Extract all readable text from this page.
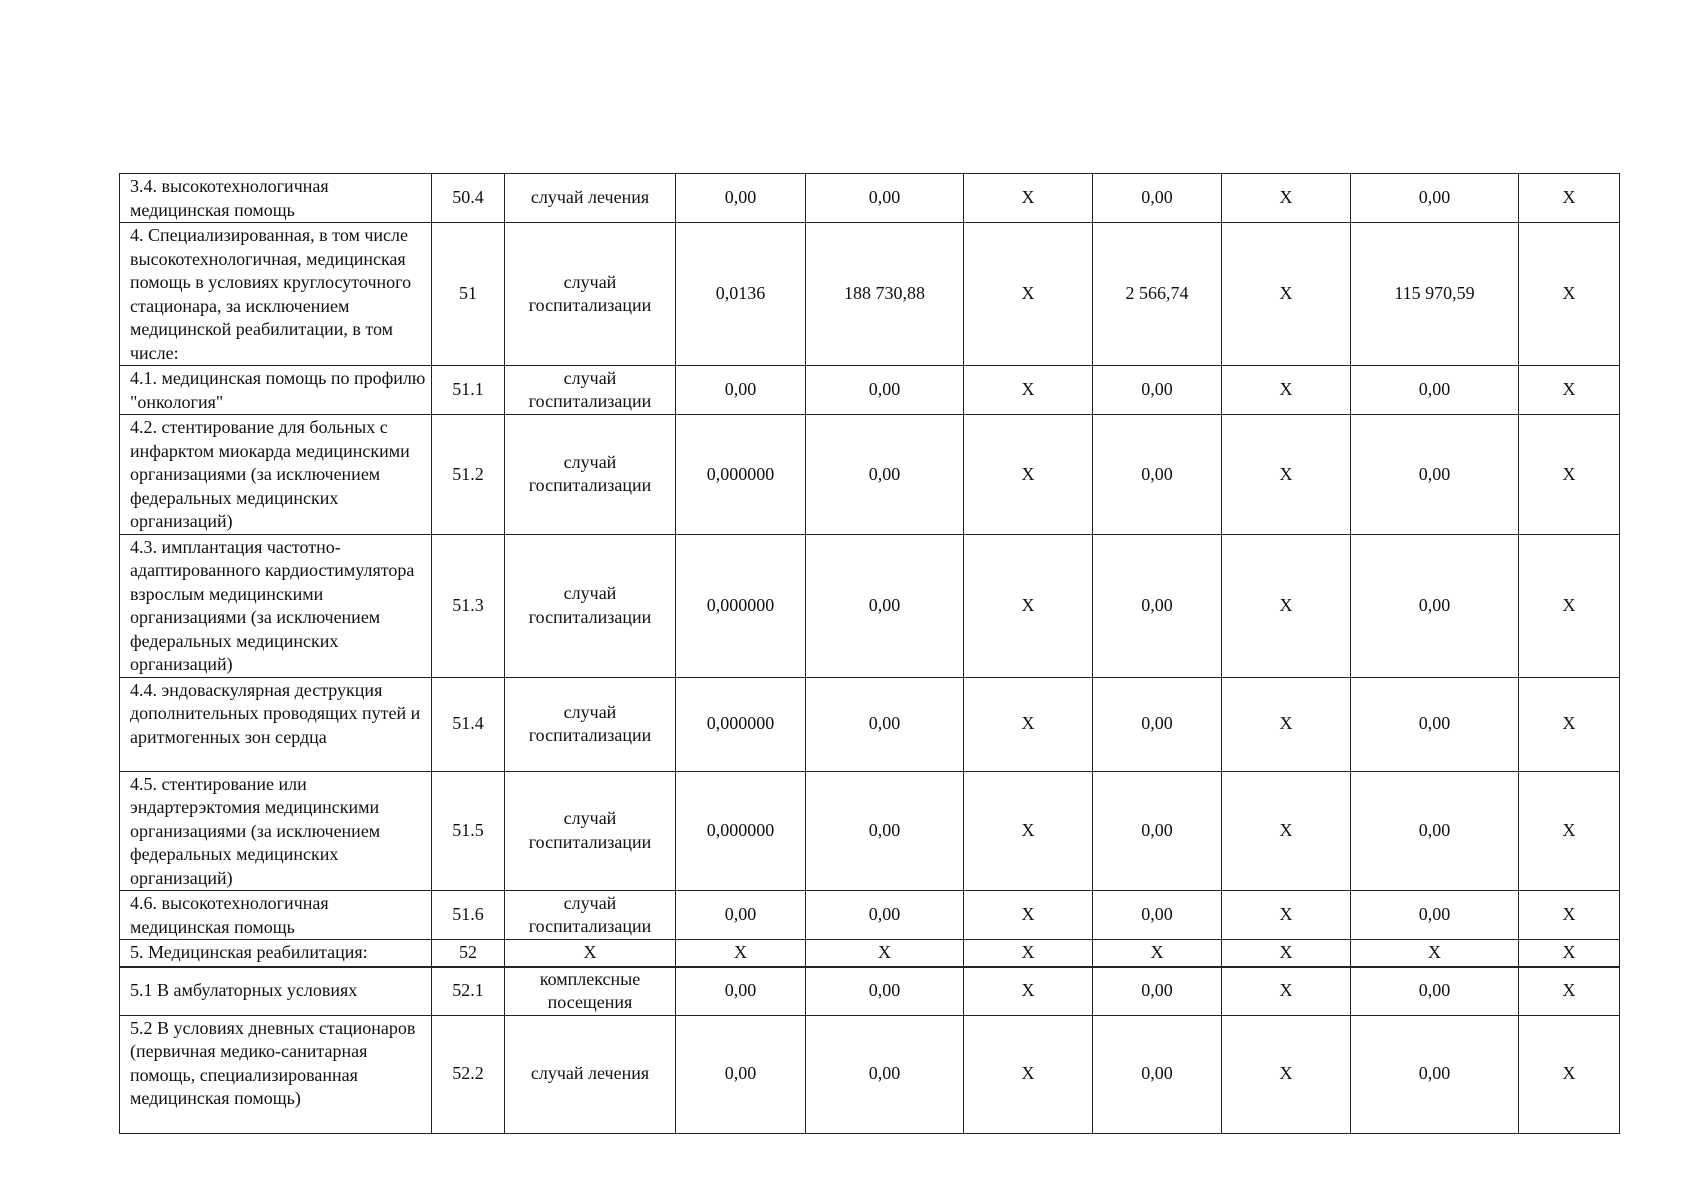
3.4. высокотехнологичная медицинская помощь	50.4	случай лечения	0,00	0,00	X	0,00	X	0,00	X
4. Специализированная, в том числе высокотехнологичная, медицинская помощь в условиях круглосуточного стационара, за исключением медицинской реабилитации, в том числе:	51	случай госпитализации	0,0136	188 730,88	X	2 566,74	X	115 970,59	X
4.1. медицинская помощь по профилю "онкология"	51.1	случай госпитализации	0,00	0,00	X	0,00	X	0,00	X
4.2. стентирование для больных с инфарктом миокарда медицинскими организациями (за исключением федеральных медицинских организаций)	51.2	случай госпитализации	0,000000	0,00	X	0,00	X	0,00	X
4.3. имплантация частотно-адаптированного кардиостимулятора взрослым медицинскими организациями (за исключением федеральных медицинских организаций)	51.3	случай госпитализации	0,000000	0,00	X	0,00	X	0,00	X
4.4. эндоваскулярная деструкция дополнительных проводящих путей и аритмогенных зон сердца	51.4	случай госпитализации	0,000000	0,00	X	0,00	X	0,00	X
4.5. стентирование или эндартерэктомия медицинскими организациями (за исключением федеральных медицинских организаций)	51.5	случай госпитализации	0,000000	0,00	X	0,00	X	0,00	X
4.6. высокотехнологичная медицинская помощь	51.6	случай госпитализации	0,00	0,00	X	0,00	X	0,00	X
5. Медицинская реабилитация:	52	X	X	X	X	X	X	X	X
5.1 В амбулаторных условиях	52.1	комплексные посещения	0,00	0,00	X	0,00	X	0,00	X
5.2 В условиях дневных стационаров (первичная медико-санитарная помощь, специализированная медицинская помощь)	52.2	случай лечения	0,00	0,00	X	0,00	X	0,00	X
